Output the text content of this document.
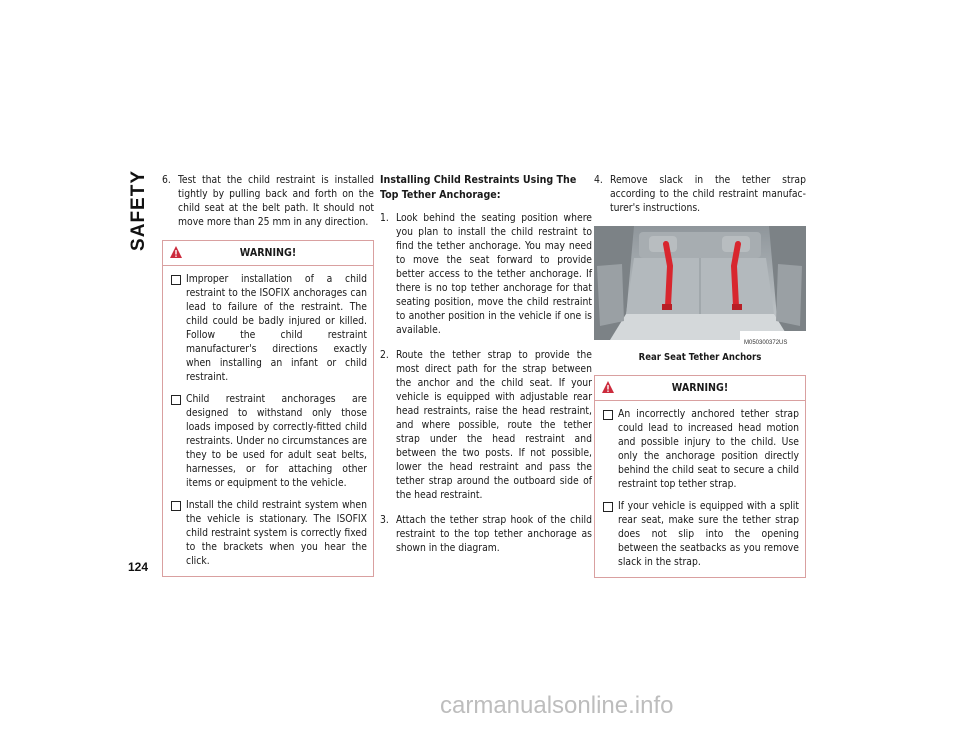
SAFETY
124
6. Test that the child restraint is installed tightly by pulling back and forth on the child seat at the belt path. It should not move more than 25 mm in any direction.
WARNING!
Improper installation of a child restraint to the ISOFIX anchorages can lead to failure of the restraint. The child could be badly injured or killed. Follow the child restraint manufacturer's directions exactly when installing an infant or child restraint.
Child restraint anchorages are designed to withstand only those loads imposed by correctly-fitted child restraints. Under no circumstances are they to be used for adult seat belts, harnesses, or for attaching other items or equipment to the vehicle.
Install the child restraint system when the vehicle is stationary. The ISOFIX child restraint system is correctly fixed to the brackets when you hear the click.
Installing Child Restraints Using The Top Tether Anchorage:
1. Look behind the seating position where you plan to install the child restraint to find the tether anchorage. You may need to move the seat forward to provide better access to the tether anchorage. If there is no top tether anchorage for that seating position, move the child restraint to another position in the vehicle if one is available.
2. Route the tether strap to provide the most direct path for the strap between the anchor and the child seat. If your vehicle is equipped with adjustable rear head restraints, raise the head restraint, and where possible, route the tether strap under the head restraint and between the two posts. If not possible, lower the head restraint and pass the tether strap around the outboard side of the head restraint.
3. Attach the tether strap hook of the child restraint to the top tether anchorage as shown in the diagram.
4. Remove slack in the tether strap according to the child restraint manufac-turer's instructions.
M050300372US
Rear Seat Tether Anchors
WARNING!
An incorrectly anchored tether strap could lead to increased head motion and possible injury to the child. Use only the anchorage position directly behind the child seat to secure a child restraint top tether strap.
If your vehicle is equipped with a split rear seat, make sure the tether strap does not slip into the opening between the seatbacks as you remove slack in the strap.
carmanualsonline.info
